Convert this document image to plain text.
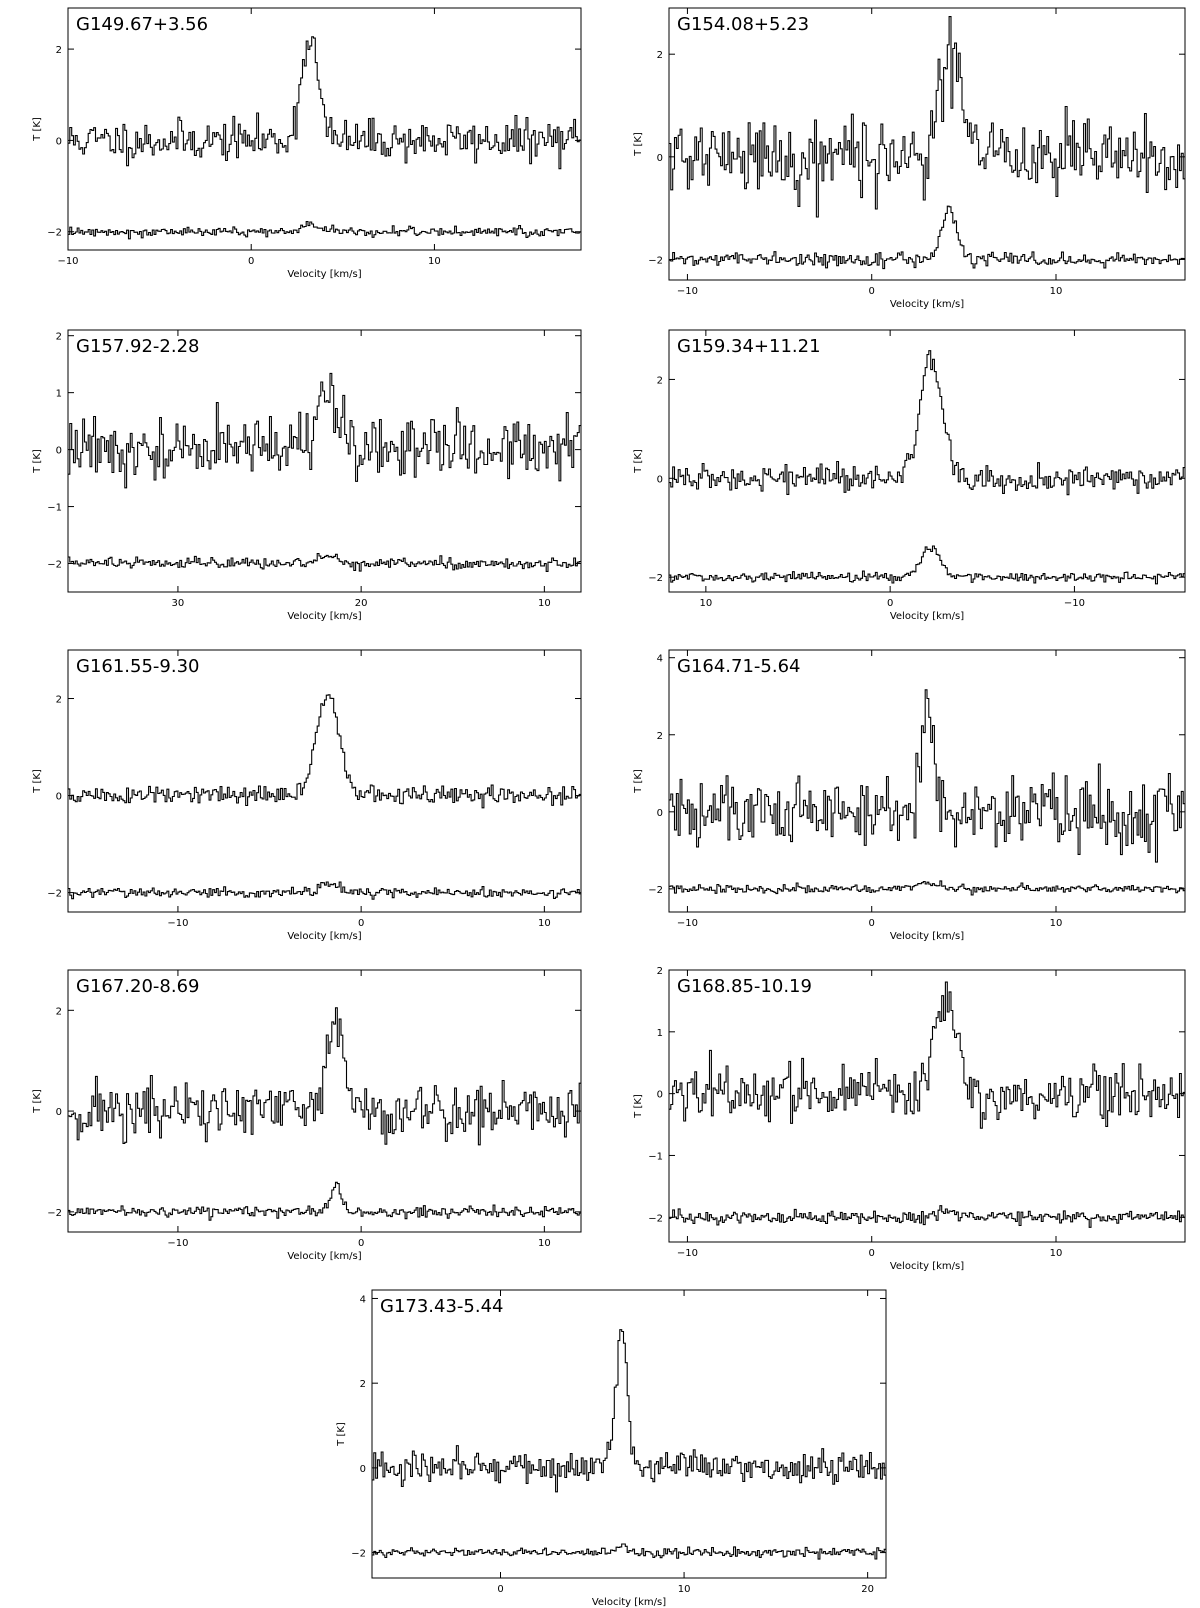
−10	0	10
−2
0
2
G149.67+3.56
Velocity [km/s]
T [K]
−10	0	10
−2
0
2
G154.08+5.23
Velocity [km/s]
T [K]
30	20	10
−2
−1
0
1
2 G157.92-2.28
Velocity [km/s]
T [K]
10	0	−10
−2
0
2
G159.34+11.21
Velocity [km/s]
T [K]
−10	0	10
−2
0
2
G161.55-9.30
Velocity [km/s]
T [K]
−10	0	10
−2
0
2
4 G164.71-5.64
Velocity [km/s]
T [K]
−10	0	10
−2
0
2
G167.20-8.69
Velocity [km/s]
T [K]
−10	0	10
−2
−1
0
1
2
G168.85-10.19
Velocity [km/s]
T [K]
0	10	20
−2
0
2
4 G173.43-5.44
Velocity [km/s]
T [K]
